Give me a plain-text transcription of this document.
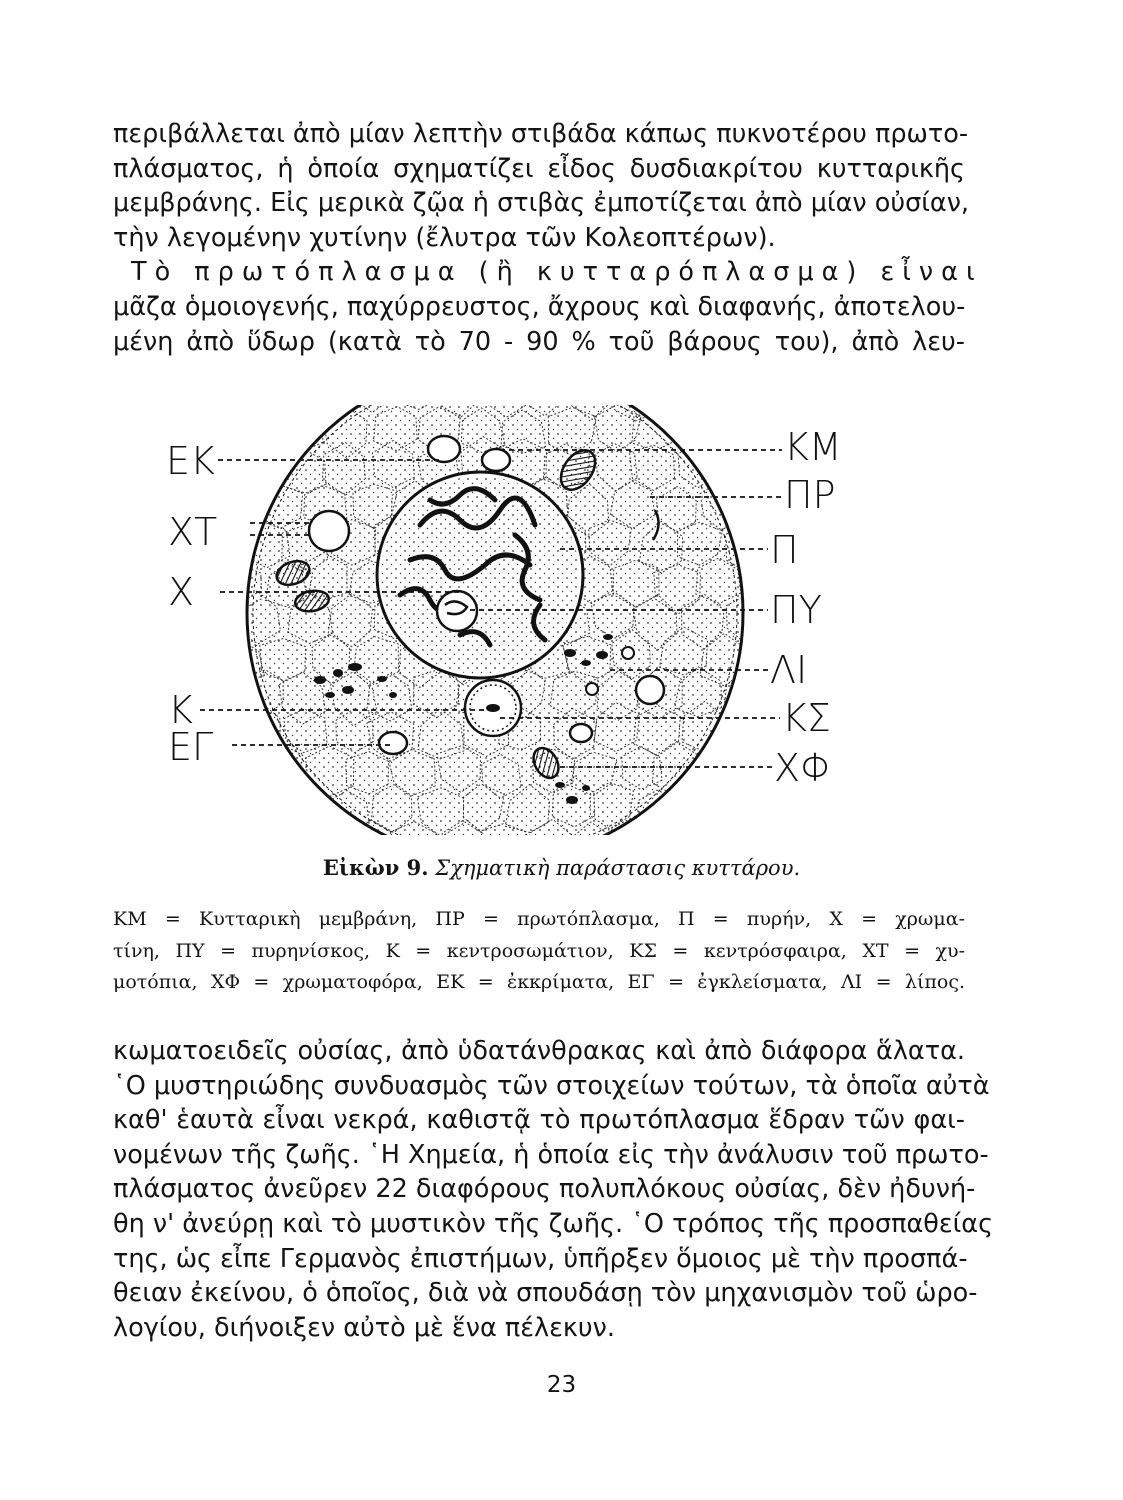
περιβάλλεται ἀπὸ μίαν λεπτὴν στιβάδα κάπως πυκνοτέρου πρωτο-
πλάσματος, ἡ ὁποία σχηματίζει εἶδος δυσδιακρίτου κυτταρικῆς
μεμβράνης. Εἰς μερικὰ ζῷα ἡ στιβὰς ἐμποτίζεται ἀπὸ μίαν οὐσίαν,
τὴν λεγομένην χυτίνην (ἔλυτρα τῶν Κολεοπτέρων).
Τὸ πρωτόπλασμα (ἢ κυτταρόπλασμα) εἶναι
μᾶζα ὁμοιογενής, παχύρρευστος, ἄχρους καὶ διαφανής, ἀποτελου-
μένη ἀπὸ ὕδωρ (κατὰ τὸ 70 - 90 % τοῦ βάρους του), ἀπὸ λευ-
ΕΚ
ΧΤ
Χ
Κ
ΕΓ
ΚΜ
ΠΡ
Π
ΠΥ
ΛΙ
ΚΣ
ΧΦ
Εἰκὼν 9. Σχηματικὴ παράστασις κυττάρου.
ΚΜ = Κυτταρικὴ μεμβράνη, ΠΡ = πρωτόπλασμα, Π = πυρήν, Χ = χρωμα-
τίνη, ΠΥ = πυρηνίσκος, Κ = κεντροσωμάτιον, ΚΣ = κεντρόσφαιρα, ΧΤ = χυ-
μοτόπια, ΧΦ = χρωματοφόρα, ΕΚ = ἐκκρίματα, ΕΓ = ἐγκλείσματα, ΛΙ = λίπος.
κωματοειδεῖς οὐσίας, ἀπὸ ὑδατάνθρακας καὶ ἀπὸ διάφορα ἅλατα.
῾Ο μυστηριώδης συνδυασμὸς τῶν στοιχείων τούτων, τὰ ὁποῖα αὐτὰ
καθ' ἑαυτὰ εἶναι νεκρά, καθιστᾷ τὸ πρωτόπλασμα ἕδραν τῶν φαι-
νομένων τῆς ζωῆς. ῾Η Χημεία, ἡ ὁποία εἰς τὴν ἀνάλυσιν τοῦ πρωτο-
πλάσματος ἀνεῦρεν 22 διαφόρους πολυπλόκους οὐσίας, δὲν ἠδυνή-
θη ν' ἀνεύρῃ καὶ τὸ μυστικὸν τῆς ζωῆς. ῾Ο τρόπος τῆς προσπαθείας
της, ὡς εἶπε Γερμανὸς ἐπιστήμων, ὑπῆρξεν ὅμοιος μὲ τὴν προσπά-
θειαν ἐκείνου, ὁ ὁποῖος, διὰ νὰ σπουδάσῃ τὸν μηχανισμὸν τοῦ ὡρο-
λογίου, διήνοιξεν αὐτὸ μὲ ἕνα πέλεκυν.
23
